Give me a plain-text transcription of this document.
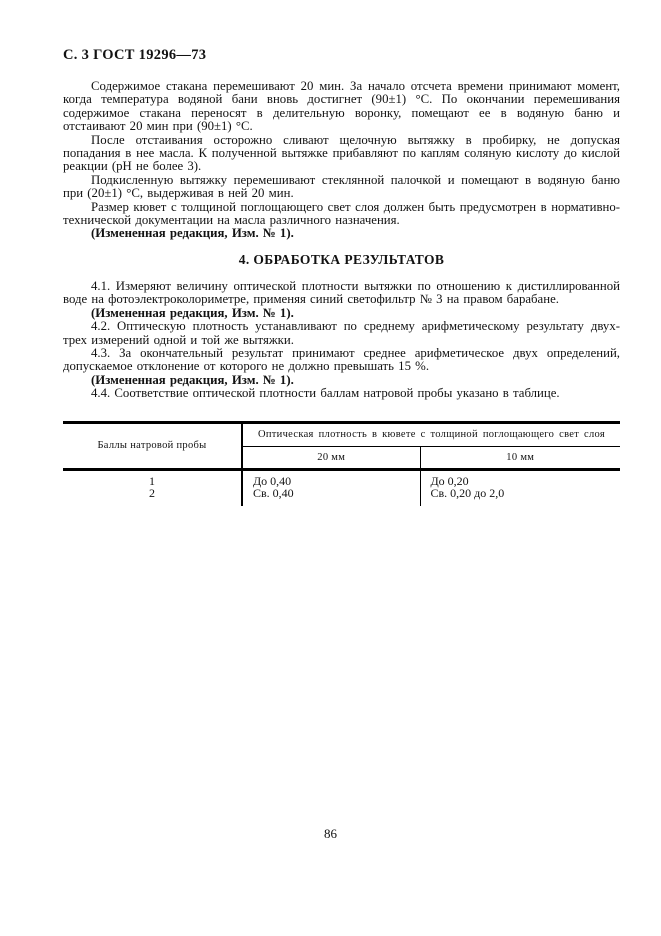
С. 3 ГОСТ 19296—73

Содержимое стакана перемешивают 20 мин. За начало отсчета времени принимают момент, когда температура водяной бани вновь достигнет (90±1) °С. По окончании перемешивания содержимое стакана переносят в делительную воронку, помещают ее в водяную баню и отстаивают 20 мин при (90±1) °С.

После отстаивания осторожно сливают щелочную вытяжку в пробирку, не допуская попадания в нее масла. К полученной вытяжке прибавляют по каплям соляную кислоту до кислой реакции (рН не более 3).

Подкисленную вытяжку перемешивают стеклянной палочкой и помещают в водяную баню при (20±1) °С, выдерживая в ней 20 мин.

Размер кювет с толщиной поглощающего свет слоя должен быть предусмотрен в нормативно-технической документации на масла различного назначения.

(Измененная редакция, Изм. № 1).

4. ОБРАБОТКА РЕЗУЛЬТАТОВ

4.1. Измеряют величину оптической плотности вытяжки по отношению к дистиллированной воде на фотоэлектроколориметре, применяя синий светофильтр № 3 на правом барабане.

(Измененная редакция, Изм. № 1).

4.2. Оптическую плотность устанавливают по среднему арифметическому результату двух-трех измерений одной и той же вытяжки.

4.3. За окончательный результат принимают среднее арифметическое двух определений, допускаемое отклонение от которого не должно превышать 15 %.

(Измененная редакция, Изм. № 1).

4.4. Соответствие оптической плотности баллам натровой пробы указано в таблице.

Баллы натровой пробы	Оптическая плотность в кювете с толщиной поглощающего свет слоя	
	20 мм	10 мм
1	До 0,40	До 0,20
2	Св. 0,40	Св. 0,20 до 2,0
86
